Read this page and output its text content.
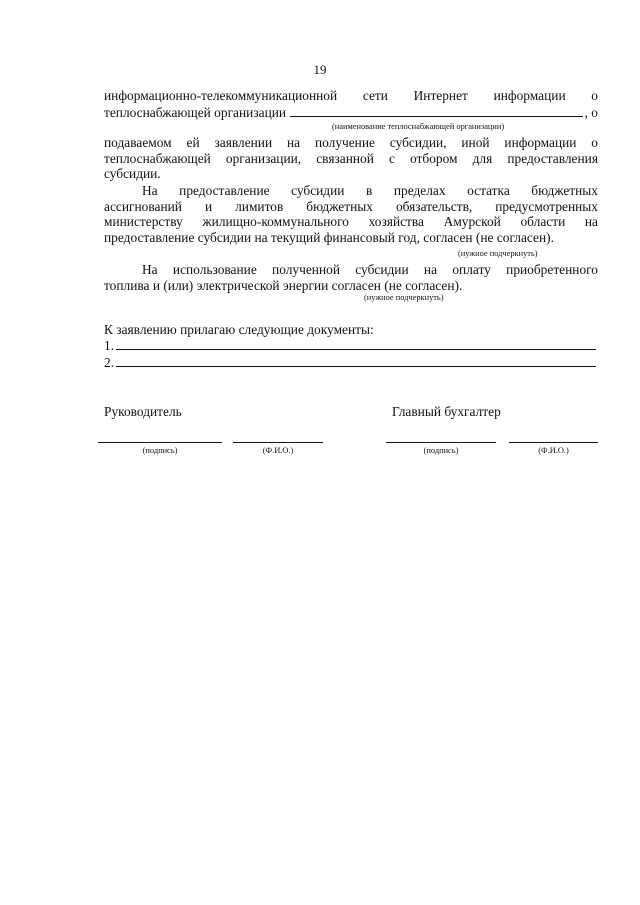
19
информационно-телекоммуникационной сети Интернет информации о
теплоснабжающей организации	, о
(наименование теплоснабжающей организации)
подаваемом ей заявлении на получение субсидии, иной информации о
теплоснабжающей организации, связанной с отбором для предоставления
субсидии.
На предоставление субсидии в пределах остатка бюджетных
ассигнований и лимитов бюджетных обязательств, предусмотренных
министерству жилищно-коммунального хозяйства Амурской области на
предоставление субсидии на текущий финансовый год, согласен (не согласен).
(нужное подчеркнуть)
На использование полученной субсидии на оплату приобретенного
топлива и (или) электрической энергии согласен (не согласен).
(нужное подчеркнуть)
К заявлению прилагаю следующие документы:
1.
2.
Руководитель	Главный бухгалтер
(подпись)	(Ф.И.О.)	(подпись)	(Ф.И.О.)
